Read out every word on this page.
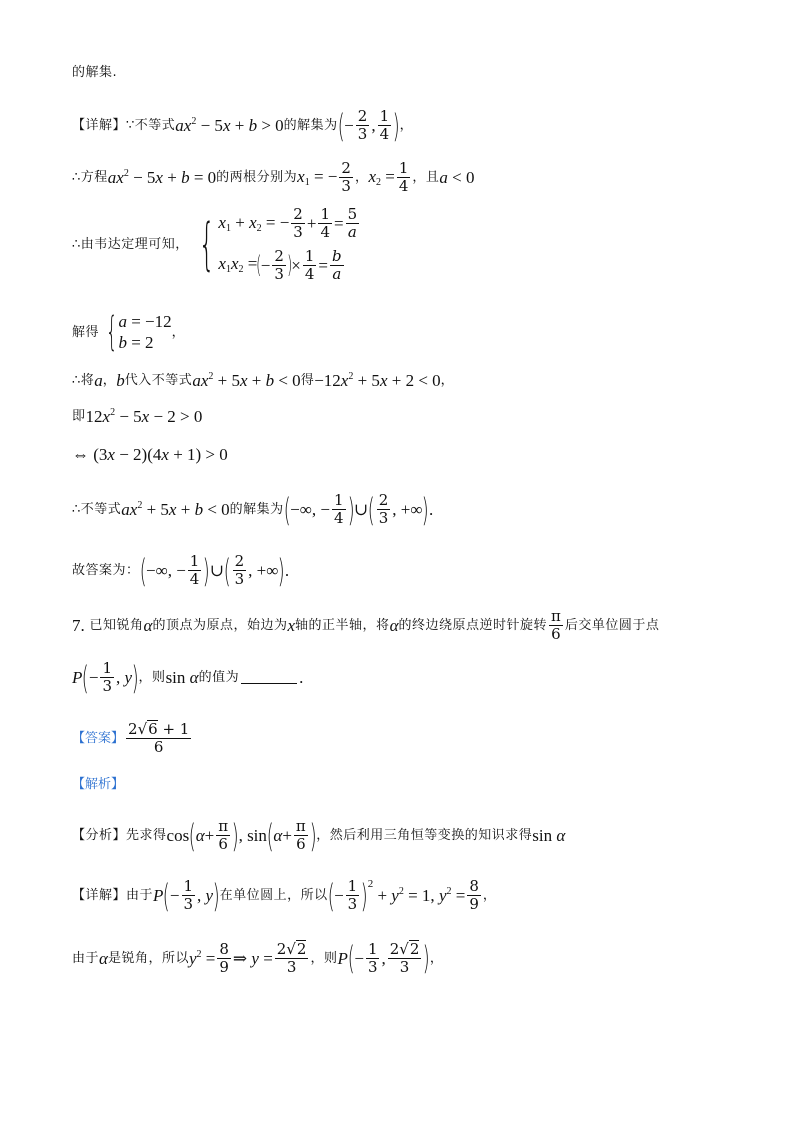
的解集.
【详解】 ∵不等式 $ax^2 - 5x + b > 0$ 的解集为 ( − $\frac{2}{3}$ ,
1
4 ) ，
∴方程 $ax^2 - 5x + b = 0$ 的两根分别为 $x_1$ = − $\frac{2}{3}$ ， $x_2 = \frac{1}{4}$ ，且 a < 0
∴由韦达定理可知， { $x_1 + x_2$ = − $\frac{2}{3} + \frac{1}{4} = \frac{5}{a}$
$x_1x_2$ = ( − $\frac{2}{3}$ ) × $\frac{1}{4} = \frac{b}{a}$
解得 { a = −12
b = 2
，
∴将 a ， b 代入不等式 $ax^2 + 5x + b < 0$ 得 $-12x^2 + 5x + 2 < 0$ ，
即 $12x^2 - 5x - 2 > 0$
⇔ (3x − 2)(4x + 1) > 0
∴不等式 $ax^2 + 5x + b < 0$ 的解集为 ( −∞, − $\frac{1}{4}$ ) ∪ ( 2
3 , +∞ ) .
故答案为： ( −∞, − $\frac{1}{4}$ ) ∪ ( 2
3 , +∞ ) .
7.
已知锐角 α 的顶点为原点，始边为 x 轴的正半轴，将 α 的终边绕原点逆时针旋转
π
6 后交单位圆于点
P ( − $\frac{1}{3}$ , y ) ，则 sin α 的值为	.
【答案】
2√6 + 1
6
【解析】
【分析】 先求得 cos ( $\alpha + \frac{\pi}{6}$ ) , sin ( $\alpha + \frac{\pi}{6}$ ) ，然后利用三角恒等变换的知识求得 sin α
【详解】 由于 P ( − $\frac{1}{3}$ , y ) 在单位圆上，所以 ( − $\frac{1}{3}$ ) 2
+ $y^2 = 1$, $y^2 = \frac{8}{9}$ ，
由于 α 是锐角，所以 $y^2 = \frac{8}{9}$ ⇒ $y = \frac{2√2}{3}$ ，则 P ( − $\frac{1}{3}$ , 2√2
3 ) ，
